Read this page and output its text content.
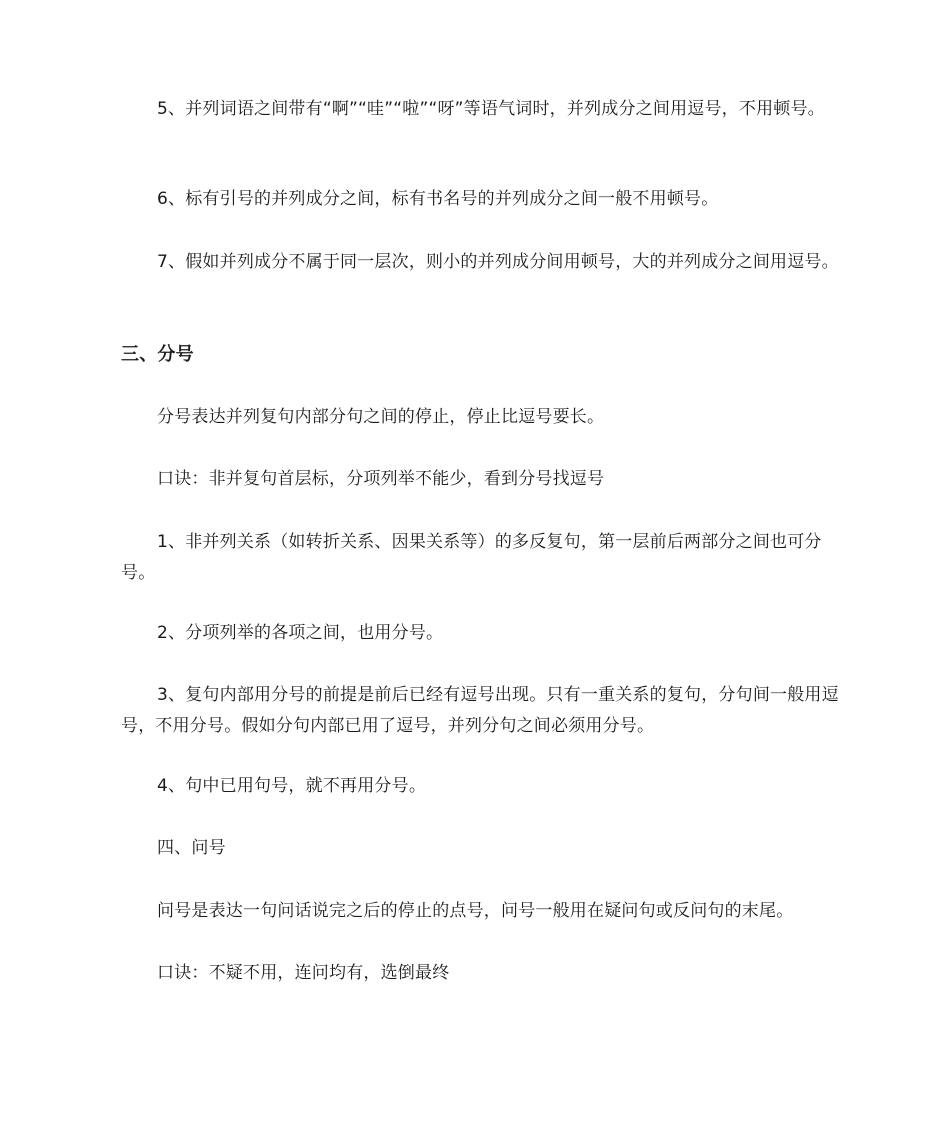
5、并列词语之间带有“啊”“哇”“啦”“呀”等语气词时，并列成分之间用逗号，不用顿号。

6、标有引号的并列成分之间，标有书名号的并列成分之间一般不用顿号。

7、假如并列成分不属于同一层次，则小的并列成分间用顿号，大的并列成分之间用逗号。

三、分号

分号表达并列复句内部分句之间的停止，停止比逗号要长。

口诀：非并复句首层标，分项列举不能少，看到分号找逗号

1、非并列关系（如转折关系、因果关系等）的多反复句，第一层前后两部分之间也可分号。

2、分项列举的各项之间，也用分号。

3、复句内部用分号的前提是前后已经有逗号出现。只有一重关系的复句，分句间一般用逗号，不用分号。假如分句内部已用了逗号，并列分句之间必须用分号。

4、句中已用句号，就不再用分号。

四、问号

问号是表达一句问话说完之后的停止的点号，问号一般用在疑问句或反问句的末尾。

口诀：不疑不用，连问均有，选倒最终
